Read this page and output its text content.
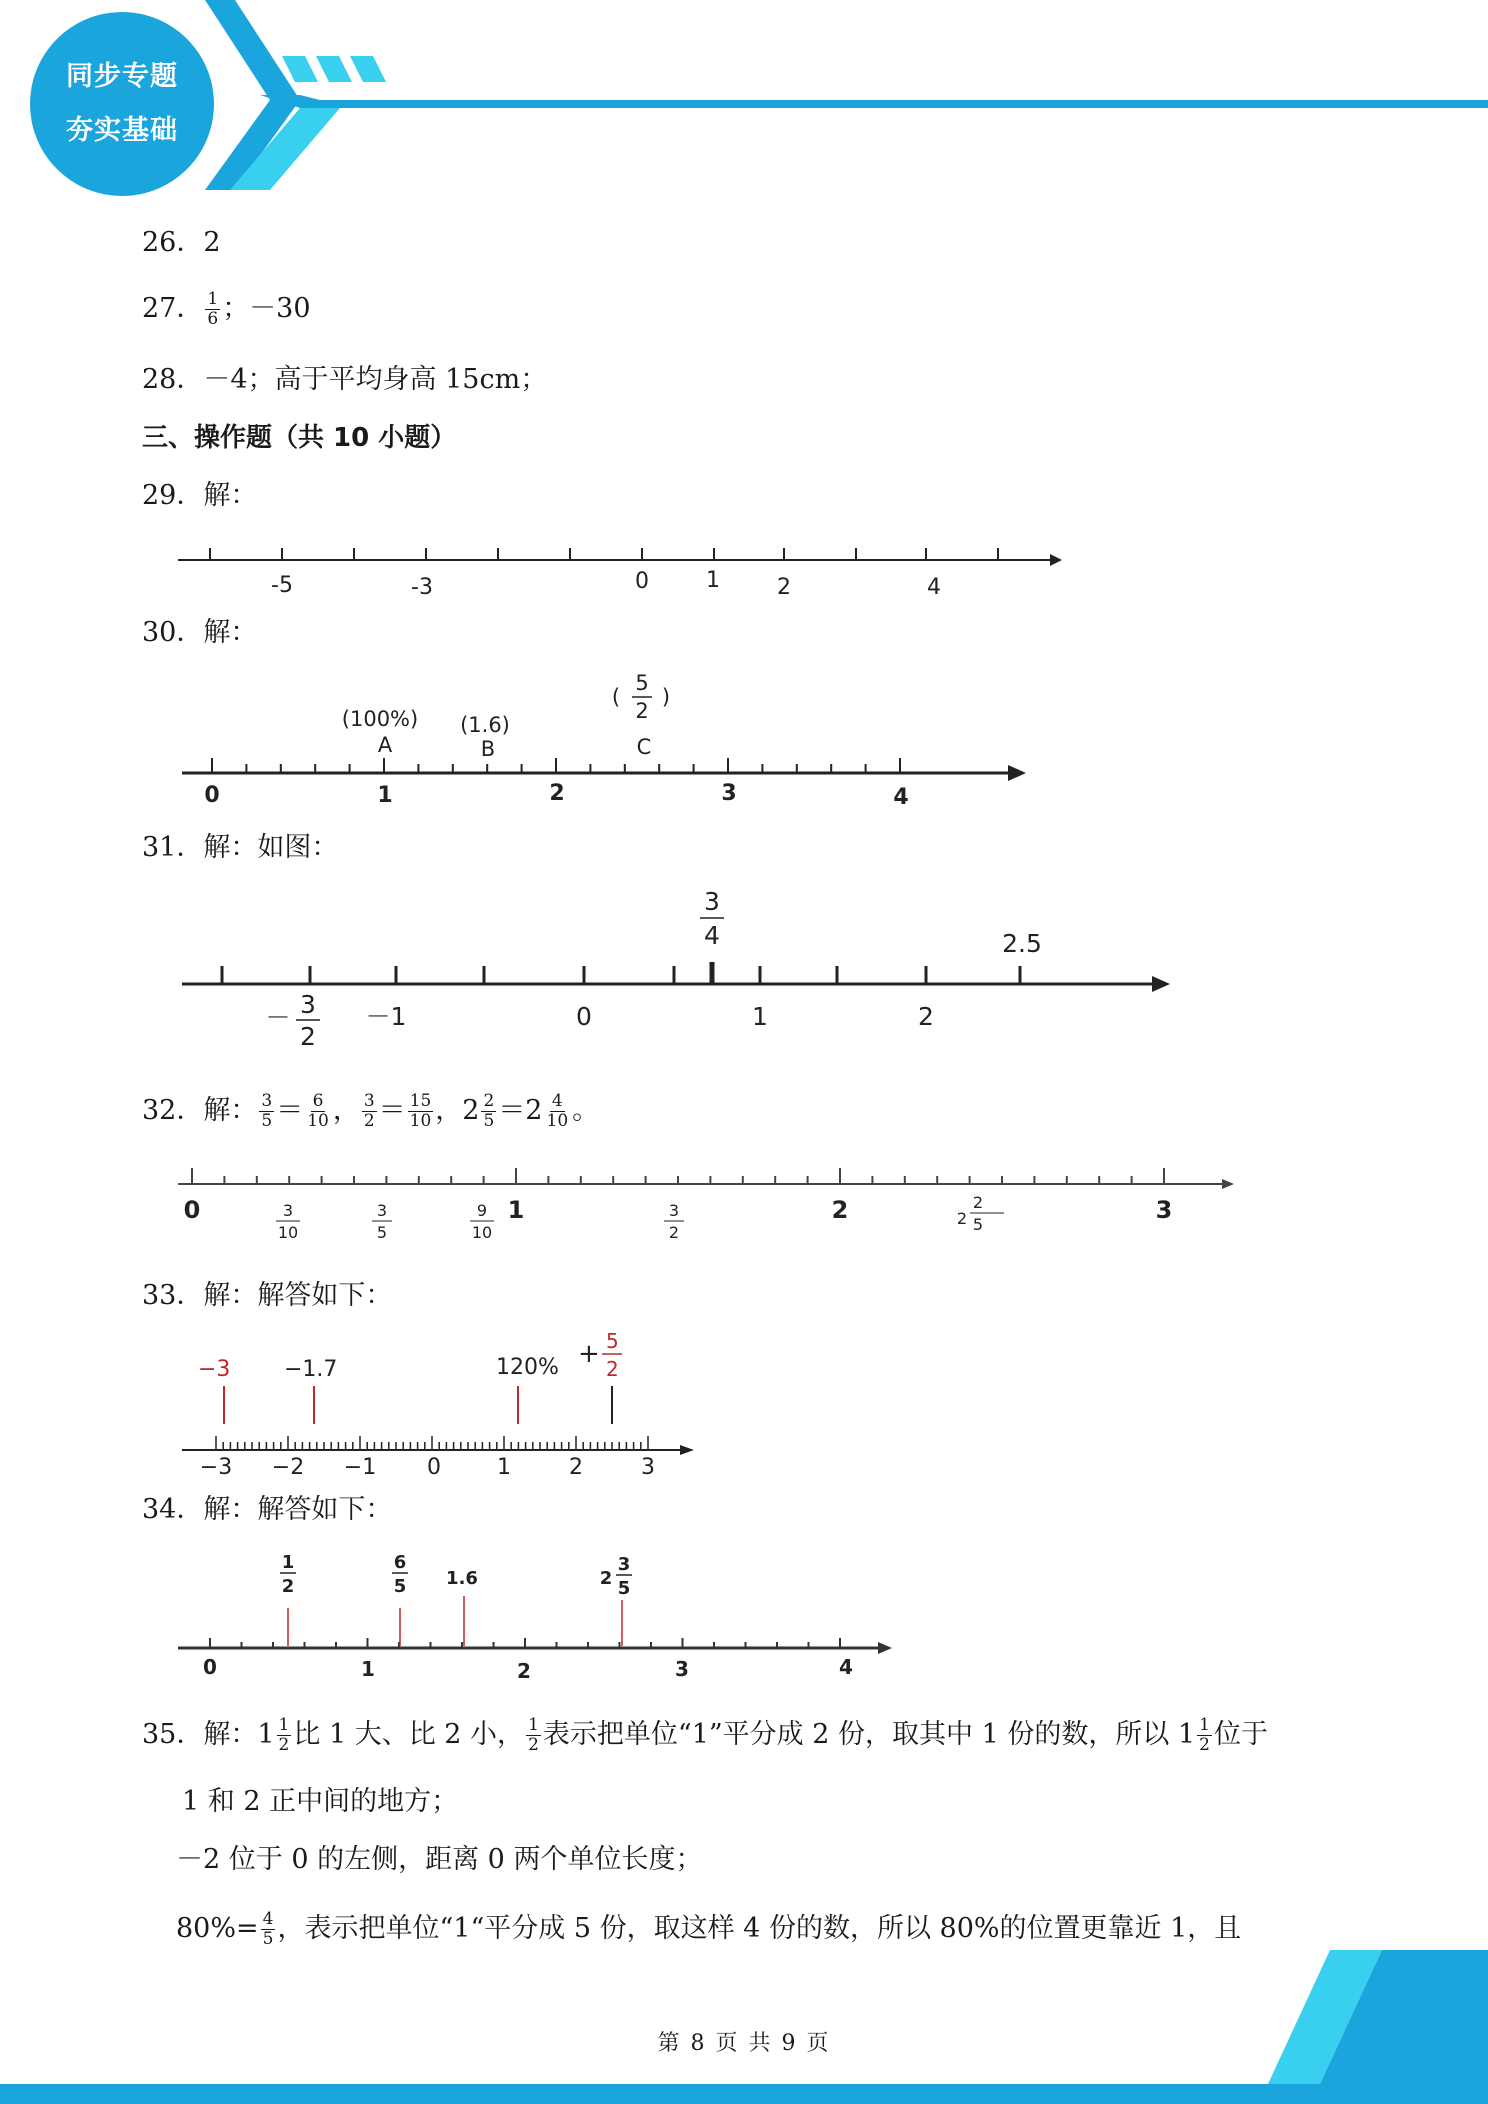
同步专题
夯实基础
26．2
27． $\frac{1}{6}$ ；－30
28．－4；高于平均身高 15cm；
三、操作题（共 10 小题）
29．解：
-5	-3	0	1	2	4
30．解：
0	1	2	3	4
(100%)
A
(1.6)
B
(
5
2
)
C
31．解：如图：
－ 3
2
－1	0	1	2
3
4	2.5
32．解： $\frac{3}{5} = \frac{6}{10}$ ， $\frac{3}{2} = \frac{15}{10}$ ，$2 \frac{2}{5} =2 \frac{4}{10}$ 。
0	1	2	3
3
10
3
5
9
10
3
2
2
2
5
33．解：解答如下：
−3 −2 −1 0	1	2	3
−3 −1.7	120% + 5
2
34．解：解答如下：
0	1	2	3	4
1
2
6
5 1.6	2
3
5
35．解：$1 \frac{1}{2}$ 比 1 大、比 2 小， $\frac{1}{2}$ 表示把单位“1”平分成 2 份，取其中 1 份的数，所以 $1 \frac{1}{2}$ 位于
1 和 2 正中间的地方；
－2 位于 0 的左侧，距离 0 两个单位长度；
$80\%= \frac{4}{5}$ ，表示把单位“1“平分成 5 份，取这样 4 份的数，所以 80%的位置更靠近 1，且
第 8 页 共 9 页
